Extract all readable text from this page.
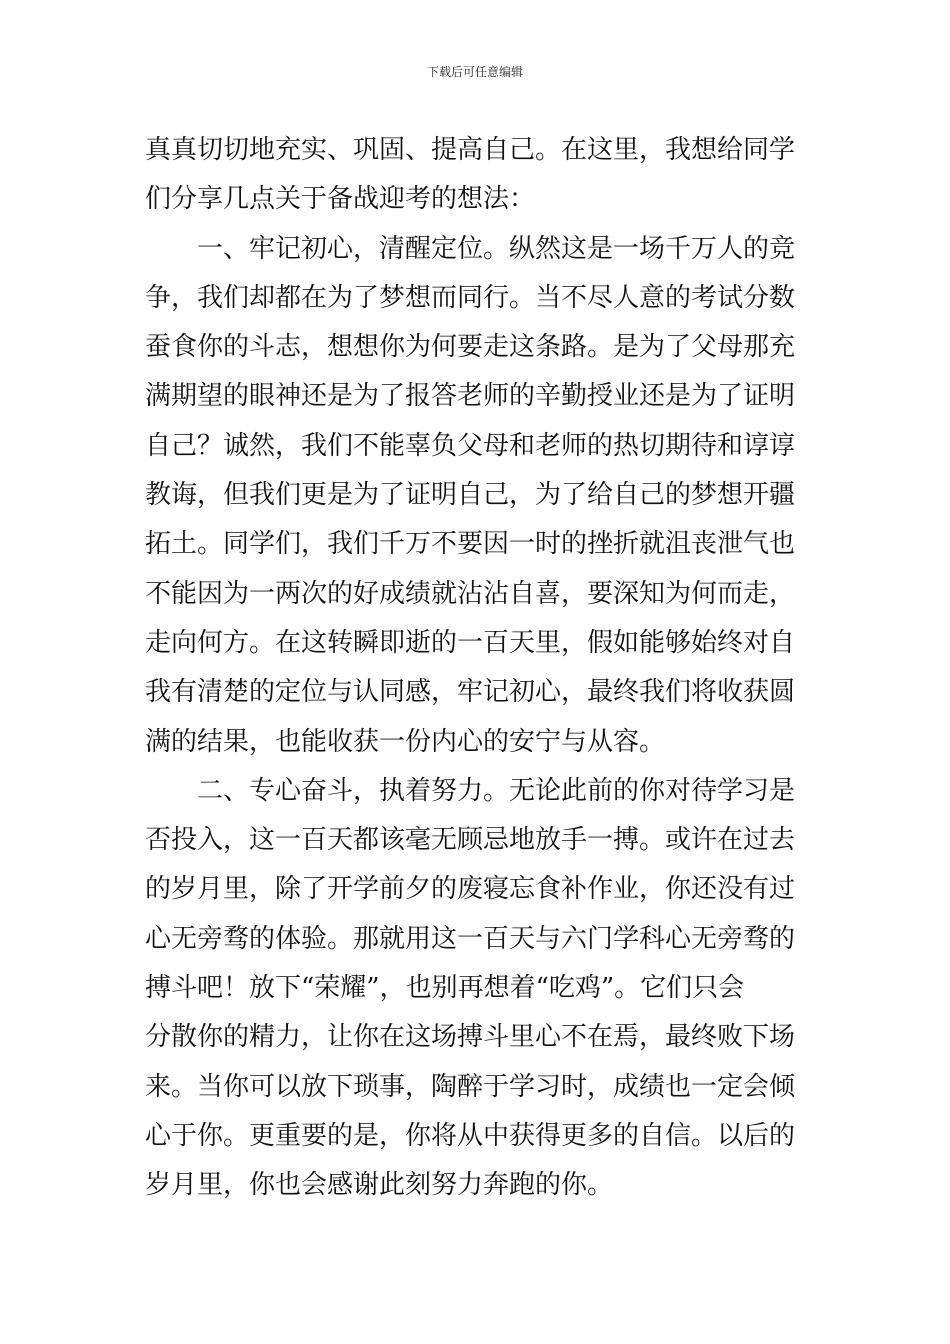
下载后可任意编辑
真真切切地充实、巩固、提高自己。在这里，我想给同学
们分享几点关于备战迎考的想法：
一、牢记初心，清醒定位。纵然这是一场千万人的竞
争，我们却都在为了梦想而同行。当不尽人意的考试分数
蚕食你的斗志，想想你为何要走这条路。是为了父母那充
满期望的眼神还是为了报答老师的辛勤授业还是为了证明
自己？诚然，我们不能辜负父母和老师的热切期待和谆谆
教诲，但我们更是为了证明自己，为了给自己的梦想开疆
拓土。同学们，我们千万不要因一时的挫折就沮丧泄气也
不能因为一两次的好成绩就沾沾自喜，要深知为何而走，
走向何方。在这转瞬即逝的一百天里，假如能够始终对自
我有清楚的定位与认同感，牢记初心，最终我们将收获圆
满的结果，也能收获一份内心的安宁与从容。
二、专心奋斗，执着努力。无论此前的你对待学习是
否投入，这一百天都该毫无顾忌地放手一搏。或许在过去
的岁月里，除了开学前夕的废寝忘食补作业，你还没有过
心无旁骛的体验。那就用这一百天与六门学科心无旁骛的
搏斗吧！放下“荣耀”，也别再想着“吃鸡”。它们只会
分散你的精力，让你在这场搏斗里心不在焉，最终败下场
来。当你可以放下琐事，陶醉于学习时，成绩也一定会倾
心于你。更重要的是，你将从中获得更多的自信。以后的
岁月里，你也会感谢此刻努力奔跑的你。
